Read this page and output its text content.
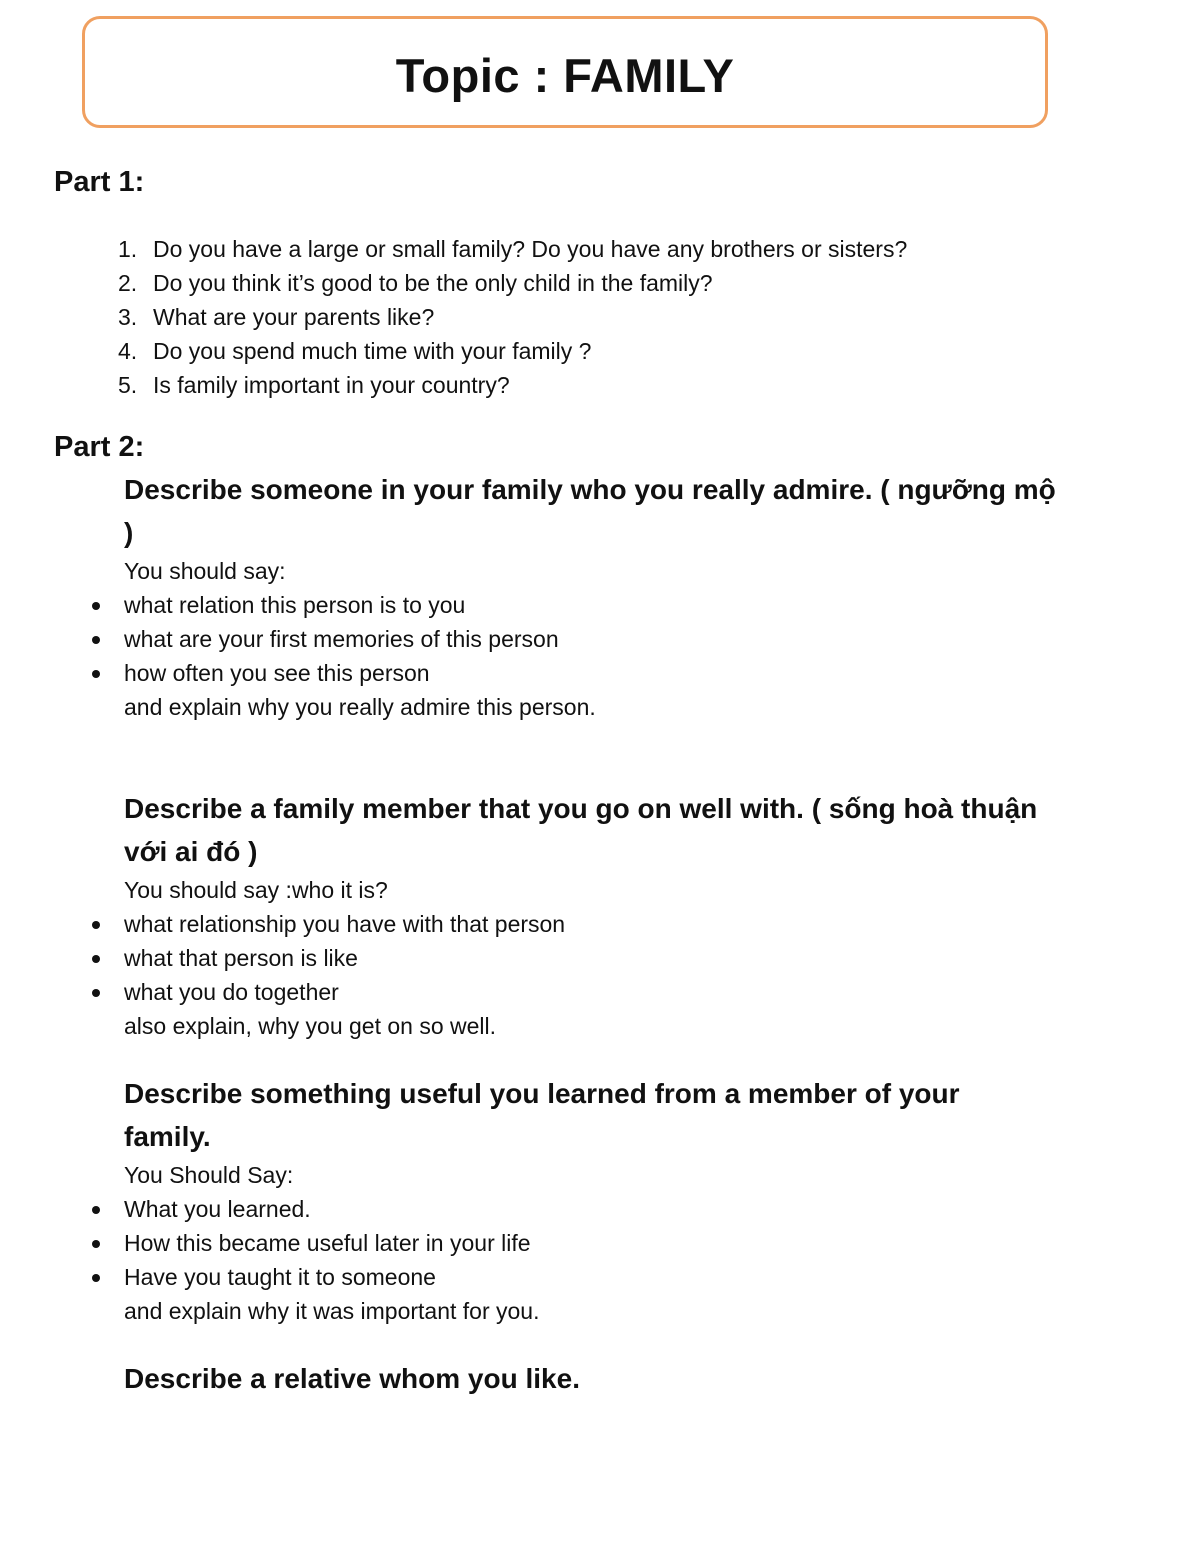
Topic : FAMILY
Part 1:
1. Do you have a large or small family? Do you have any brothers or sisters?
2. Do you think it’s good to be the only child in the family?
3. What are your parents like?
4. Do you spend much time with your family ?
5. Is family important in your country?
Part 2:
Describe someone in your family who you really admire. ( ngưỡng mộ )
You should say:
what relation this person is to you
what are your first memories of this person
how often you see this person
and explain why you really admire this person.
Describe a family member that you go on well with. ( sống hoà thuận với ai đó )
You should say :who it is?
what relationship you have with that person
what that person is like
what you do together
also explain, why you get on so well.
Describe something useful you learned from a member of your family.
You Should Say:
What you learned.
How this became useful later in your life
Have you taught it to someone
and explain why it was important for you.
Describe a relative whom you like.
